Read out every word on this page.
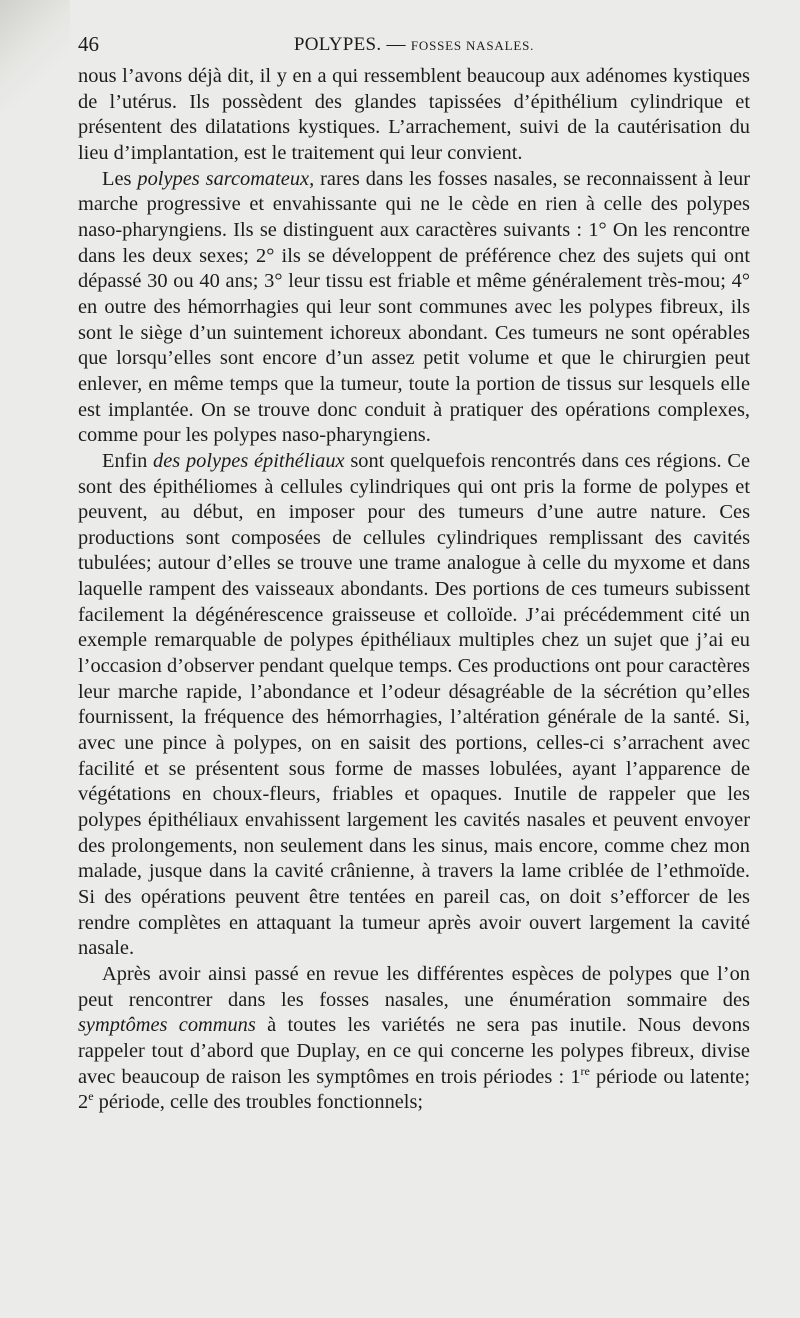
46	POLYPES. — FOSSES NASALES.

nous l’avons déjà dit, il y en a qui ressemblent beaucoup aux adénomes kystiques de l’utérus. Ils possèdent des glandes tapissées d’épithélium cylindrique et présentent des dilatations kystiques. L’arrachement, suivi de la cautérisation du lieu d’implantation, est le traitement qui leur convient.

Les polypes sarcomateux, rares dans les fosses nasales, se reconnaissent à leur marche progressive et envahissante qui ne le cède en rien à celle des polypes naso-pharyngiens. Ils se distinguent aux caractères suivants : 1° On les rencontre dans les deux sexes; 2° ils se développent de préférence chez des sujets qui ont dépassé 30 ou 40 ans; 3° leur tissu est friable et même généralement très-mou; 4° en outre des hémorrhagies qui leur sont communes avec les polypes fibreux, ils sont le siège d’un suintement ichoreux abondant. Ces tumeurs ne sont opérables que lorsqu’elles sont encore d’un assez petit volume et que le chirurgien peut enlever, en même temps que la tumeur, toute la portion de tissus sur lesquels elle est implantée. On se trouve donc conduit à pratiquer des opérations complexes, comme pour les polypes naso-pharyngiens.

Enfin des polypes épithéliaux sont quelquefois rencontrés dans ces régions. Ce sont des épithéliomes à cellules cylindriques qui ont pris la forme de polypes et peuvent, au début, en imposer pour des tumeurs d’une autre nature. Ces productions sont composées de cellules cylindriques remplissant des cavités tubulées; autour d’elles se trouve une trame analogue à celle du myxome et dans laquelle rampent des vaisseaux abondants. Des portions de ces tumeurs subissent facilement la dégénérescence graisseuse et colloïde. J’ai précédemment cité un exemple remarquable de polypes épithéliaux multiples chez un sujet que j’ai eu l’occasion d’observer pendant quelque temps. Ces productions ont pour caractères leur marche rapide, l’abondance et l’odeur désagréable de la sécrétion qu’elles fournissent, la fréquence des hémorrhagies, l’altération générale de la santé. Si, avec une pince à polypes, on en saisit des portions, celles-ci s’arrachent avec facilité et se présentent sous forme de masses lobulées, ayant l’apparence de végétations en choux-fleurs, friables et opaques. Inutile de rappeler que les polypes épithéliaux envahissent largement les cavités nasales et peuvent envoyer des prolongements, non seulement dans les sinus, mais encore, comme chez mon malade, jusque dans la cavité crânienne, à travers la lame criblée de l’ethmoïde. Si des opérations peuvent être tentées en pareil cas, on doit s’efforcer de les rendre complètes en attaquant la tumeur après avoir ouvert largement la cavité nasale.

Après avoir ainsi passé en revue les différentes espèces de polypes que l’on peut rencontrer dans les fosses nasales, une énumération sommaire des symptômes communs à toutes les variétés ne sera pas inutile. Nous devons rappeler tout d’abord que Duplay, en ce qui concerne les polypes fibreux, divise avec beaucoup de raison les symptômes en trois périodes : 1re période ou latente; 2e période, celle des troubles fonctionnels;
